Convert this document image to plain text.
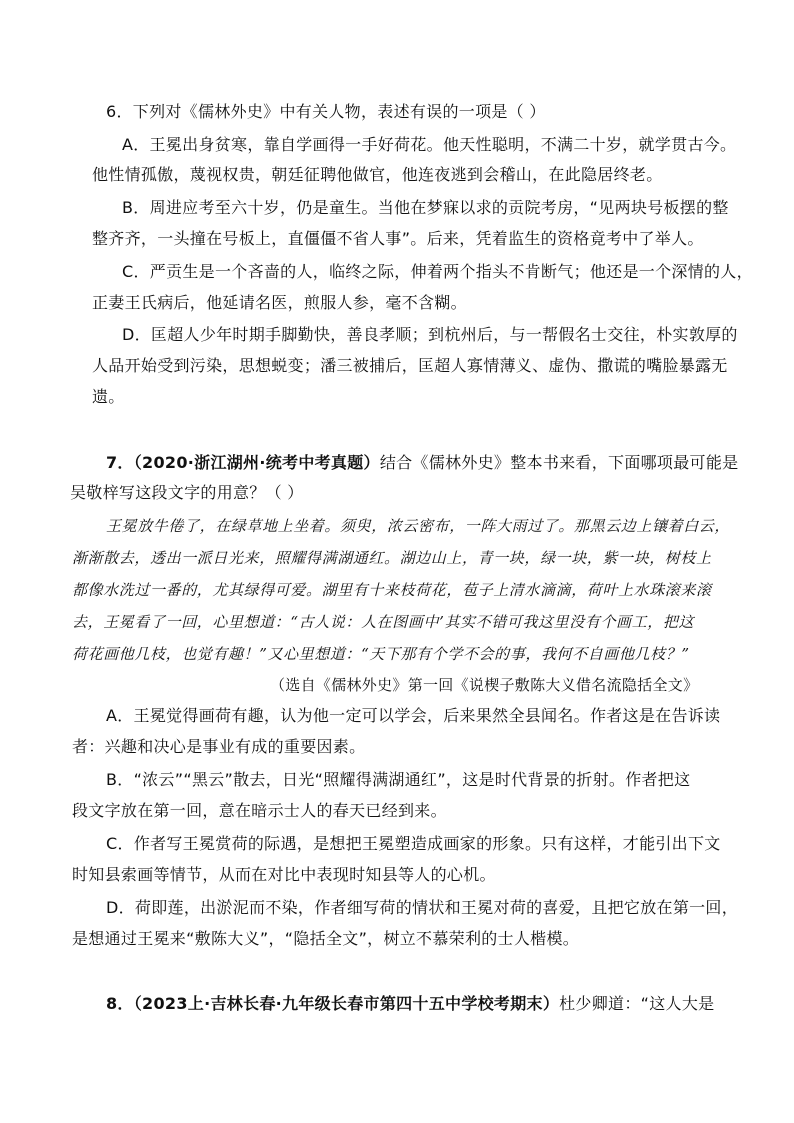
6．下列对《儒林外史》中有关人物，表述有误的一项是（ ）
A．王冕出身贫寒，靠自学画得一手好荷花。他天性聪明，不满二十岁，就学贯古今。
他性情孤傲，蔑视权贵，朝廷征聘他做官，他连夜逃到会稽山，在此隐居终老。
B．周进应考至六十岁，仍是童生。当他在梦寐以求的贡院考房，“见两块号板摆的整
整齐齐，一头撞在号板上，直僵僵不省人事”。后来，凭着监生的资格竟考中了举人。
C．严贡生是一个吝啬的人，临终之际，伸着两个指头不肯断气；他还是一个深情的人，
正妻王氏病后，他延请名医，煎服人参，毫不含糊。
D．匡超人少年时期手脚勤快，善良孝顺；到杭州后，与一帮假名士交往，朴实敦厚的
人品开始受到污染，思想蜕变；潘三被捕后，匡超人寡情薄义、虚伪、撒谎的嘴脸暴露无
遗。
7．（2020·浙江湖州·统考中考真题）结合《儒林外史》整本书来看，下面哪项最可能是
吴敬梓写这段文字的用意？（ ）
王冕放牛倦了，在绿草地上坐着。须臾，浓云密布，一阵大雨过了。那黑云边上镶着白云，
渐渐散去，透出一派日光来，照耀得满湖通红。湖边山上，青一块，绿一块，紫一块，树枝上
都像水洗过一番的，尤其绿得可爱。湖里有十来枝荷花，苞子上清水滴滴，荷叶上水珠滚来滚
去，王冕看了一回，心里想道：“古人说：人在图画中’其实不错可我这里没有个画工，把这
荷花画他几枝，也觉有趣！”又心里想道：“天下那有个学不会的事，我何不自画他几枝？”
（选自《儒林外史》第一回《说楔子敷陈大义借名流隐括全文》
A．王冕觉得画荷有趣，认为他一定可以学会，后来果然全县闻名。作者这是在告诉读
者：兴趣和决心是事业有成的重要因素。
B．“浓云”“黑云”散去，日光“照耀得满湖通红”，这是时代背景的折射。作者把这
段文字放在第一回，意在暗示士人的春天已经到来。
C．作者写王冕赏荷的际遇，是想把王冕塑造成画家的形象。只有这样，才能引出下文
时知县索画等情节，从而在对比中表现时知县等人的心机。
D．荷即莲，出淤泥而不染，作者细写荷的情状和王冕对荷的喜爱，且把它放在第一回，
是想通过王冕来“敷陈大义”，“隐括全文”，树立不慕荣利的士人楷模。
8．（2023上·吉林长春·九年级长春市第四十五中学校考期末）杜少卿道：“这人大是
